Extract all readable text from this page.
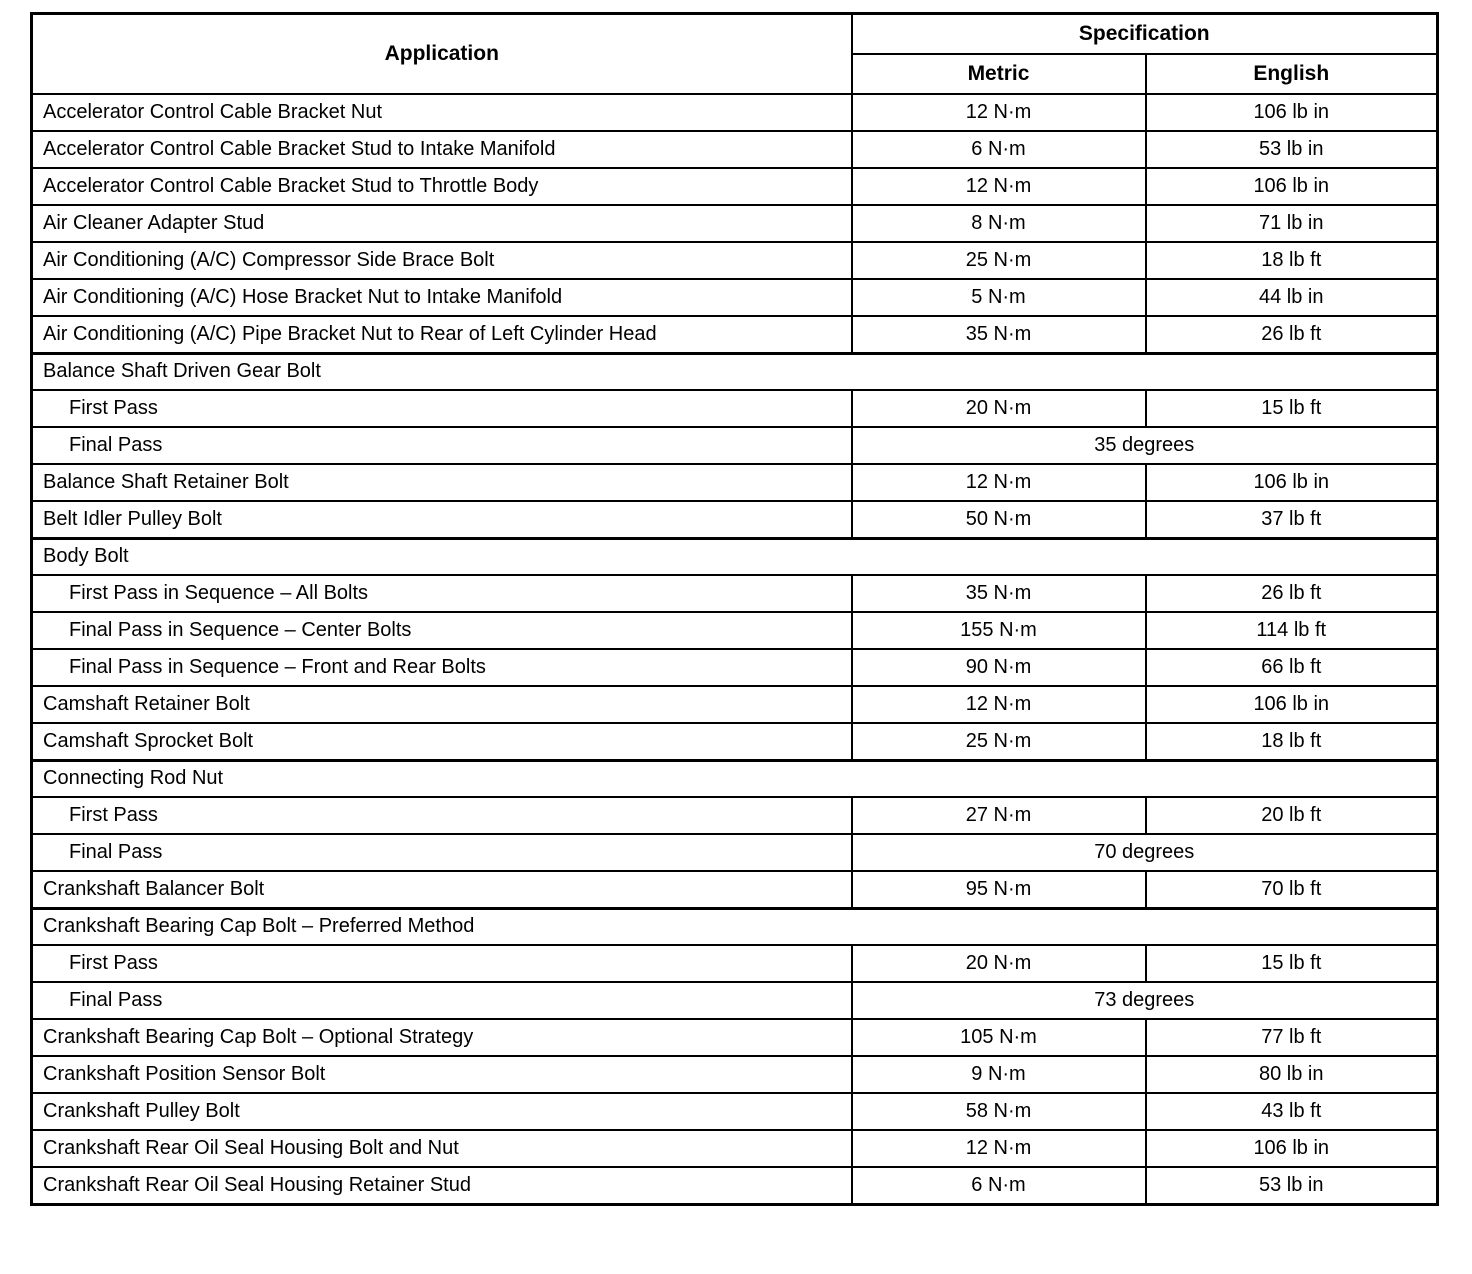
Application	Specification	
	Metric	English
Accelerator Control Cable Bracket Nut	12 N·m	106 lb in
Accelerator Control Cable Bracket Stud to Intake Manifold	6 N·m	53 lb in
Accelerator Control Cable Bracket Stud to Throttle Body	12 N·m	106 lb in
Air Cleaner Adapter Stud	8 N·m	71 lb in
Air Conditioning (A/C) Compressor Side Brace Bolt	25 N·m	18 lb ft
Air Conditioning (A/C) Hose Bracket Nut to Intake Manifold	5 N·m	44 lb in
Air Conditioning (A/C) Pipe Bracket Nut to Rear of Left Cylinder Head	35 N·m	26 lb ft
Balance Shaft Driven Gear Bolt		
First Pass	20 N·m	15 lb ft
Final Pass	35 degrees	
Balance Shaft Retainer Bolt	12 N·m	106 lb in
Belt Idler Pulley Bolt	50 N·m	37 lb ft
Body Bolt		
First Pass in Sequence – All Bolts	35 N·m	26 lb ft
Final Pass in Sequence – Center Bolts	155 N·m	114 lb ft
Final Pass in Sequence – Front and Rear Bolts	90 N·m	66 lb ft
Camshaft Retainer Bolt	12 N·m	106 lb in
Camshaft Sprocket Bolt	25 N·m	18 lb ft
Connecting Rod Nut		
First Pass	27 N·m	20 lb ft
Final Pass	70 degrees	
Crankshaft Balancer Bolt	95 N·m	70 lb ft
Crankshaft Bearing Cap Bolt – Preferred Method		
First Pass	20 N·m	15 lb ft
Final Pass	73 degrees	
Crankshaft Bearing Cap Bolt – Optional Strategy	105 N·m	77 lb ft
Crankshaft Position Sensor Bolt	9 N·m	80 lb in
Crankshaft Pulley Bolt	58 N·m	43 lb ft
Crankshaft Rear Oil Seal Housing Bolt and Nut	12 N·m	106 lb in
Crankshaft Rear Oil Seal Housing Retainer Stud	6 N·m	53 lb in
